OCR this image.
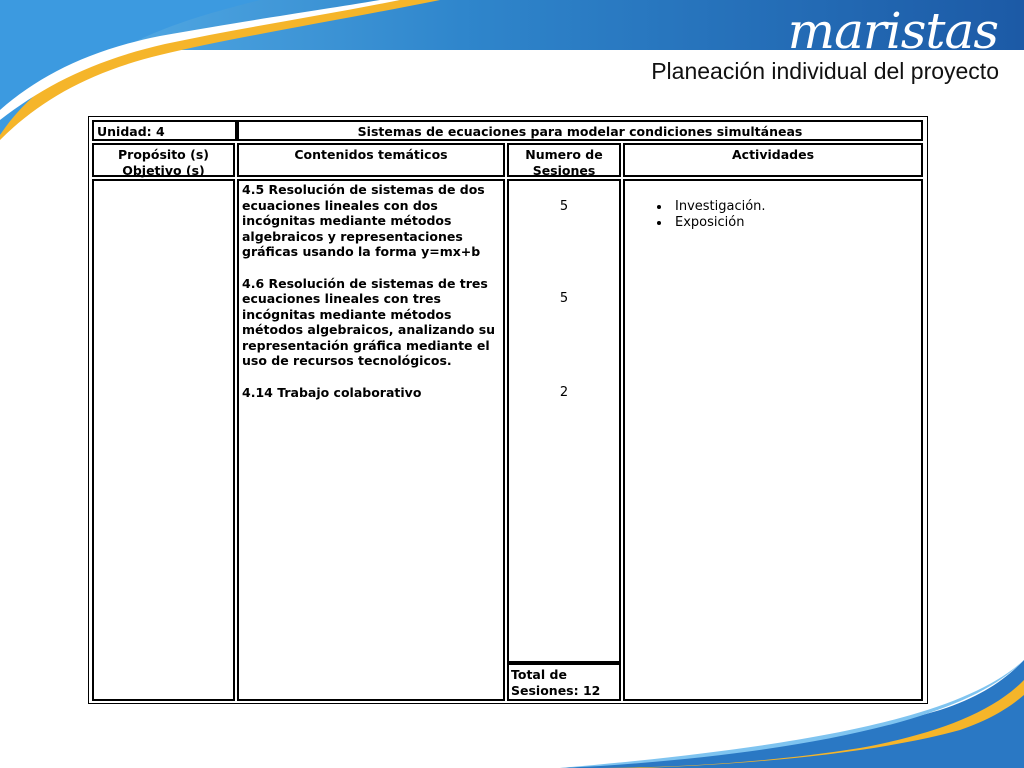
maristas
Planeación individual del proyecto
Unidad: 4	Sistemas de ecuaciones para modelar condiciones simultáneas
Propósito (s)
Objetivo (s)
Contenidos temáticos	Numero de
Sesiones
Actividades
4.5 Resolución de sistemas de dos ecuaciones lineales con dos incógnitas mediante métodos algebraicos y representaciones gráficas usando la forma y=mx+b
4.6 Resolución de sistemas de tres ecuaciones lineales con tres incógnitas mediante métodos métodos algebraicos, analizando su representación gráfica mediante el uso de recursos tecnológicos.
4.14 Trabajo colaborativo
5
5
2
Total de
Sesiones: 12
• Investigación.
• Exposición
